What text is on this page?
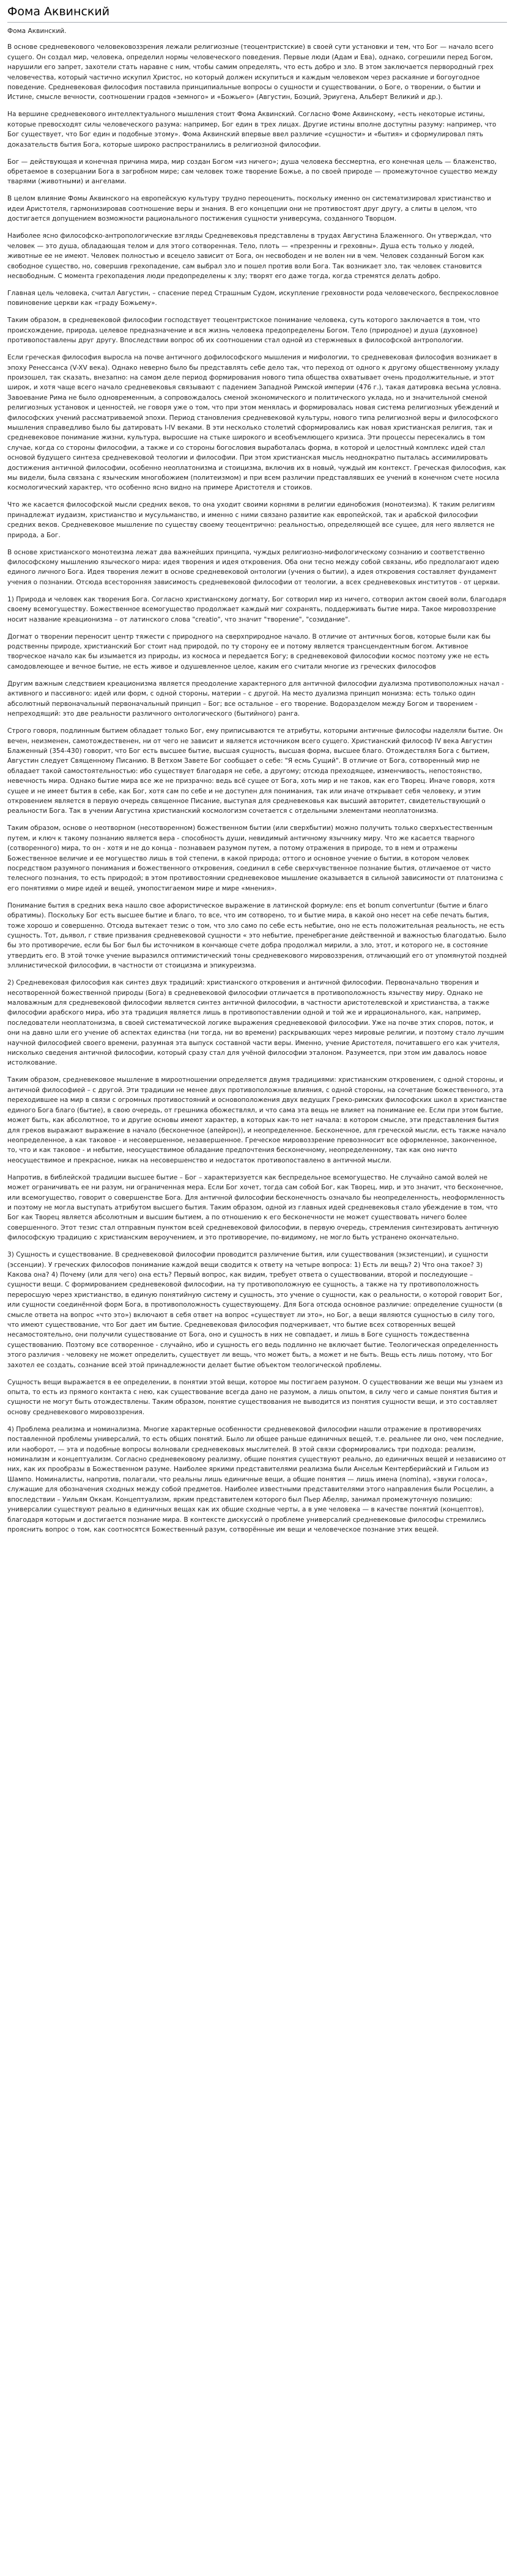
Фома Аквинский
Фома Аквинский.

В основе средневекового человековоззрения лежали религиозные (теоцентристские) в своей сути установки и тем, что Бог — начало всего сущего. Он создал мир, человека, определил нормы человеческого поведения. Первые люди (Адам и Ева), однако, согрешили перед Богом, нарушили его запрет, захотели стать наравне с ним, чтобы самим определять, что есть добро и зло. В этом заключается первородный грех человечества, который частично искупил Христос, но который должен искупиться и каждым человеком через раскаяние и богоугодное поведение. Средневековая философия поставила принципиальные вопросы о сущности и существовании, о Боге, о творении, о бытии и Истине, смысле вечности, соотношении градов «земного» и «Божьего» (Августин, Боэций, Эриугена, Альберт Великий и др.).

На вершине средневекового интеллектуального мышления стоит Фома Аквинский. Согласно Фоме Аквинскому, «есть некоторые истины, которые превосходят силы человеческого разума: например, Бог един в трех лицах. Другие истины вполне доступны разуму: например, что Бог существует, что Бог един и подобные этому». Фома Аквинский впервые ввел различие «сущности» и «бытия» и сформулировал пять доказательств бытия Бога, которые широко распространились в религиозной философии.

Бог — действующая и конечная причина мира, мир создан Богом «из ничего»; душа человека бессмертна, его конечная цель — блаженство, обретаемое в созерцании Бога в загробном мире; сам человек тоже творение Божье, а по своей природе — промежуточное существо между тварями (животными) и ангелами.

В целом влияние Фомы Аквинского на европейскую культуру трудно переоценить, поскольку именно он систематизировал христианство и идеи Аристотеля, гармонизировав соотношение веры и знания. В его концепции они не противостоят друг другу, а слиты в целом, что достигается допущением возможности рационального постижения сущности универсума, созданного Творцом.

Наиболее ясно философско-антропологические взгляды Средневековья представлены в трудах Августина Блаженного. Он утверждал, что человек — это душа, обладающая телом и для этого сотворенная. Тело, плоть — «презренны и греховны». Душа есть только у людей, животные ее не имеют. Человек полностью и всецело зависит от Бога, он несвободен и не волен ни в чем. Человек созданный Богом как свободное существо, но, совершив грехопадение, сам выбрал зло и пошел против воли Бога. Так возникает зло, так человек становится несвободным. С момента грехопадения люди предопределены к злу; творят его даже тогда, когда стремятся делать добро.

Главная цель человека, считал Августин, – спасение перед Страшным Судом, искупление греховности рода человеческого, беспрекословное повиновение церкви как «граду Божьему».

Таким образом, в средневековой философии господствует теоцентристское понимание человека, суть которого заключается в том, что происхождение, природа, целевое предназначение и вся жизнь человека предопределены Богом. Тело (природное) и душа (духовное) противопоставлены друг другу. Впоследствии вопрос об их соотношении стал одной из стержневых в философской антропологии.

Если греческая философия выросла на почве античного дофилософского мышления и мифологии, то средневековая философия возникает в эпоху Ренессанса (V-XV века). Однако неверно было бы представлять себе дело так, что переход от одного к другому общественному укладу произошел, так сказать, внезапно: на самом деле период формирования нового типа общества охватывает очень продолжительные, и этот широк, и хотя чаще всего начало средневековья связывают с падением Западной Римской империи (476 г.), такая датировка весьма условна. Завоевание Рима не было одновременным, а сопровождалось сменой экономического и политического уклада, но и значительной сменой религиозных установок и ценностей, не говоря уже о том, что при этом менялась и формировалась новая система религиозных убеждений и философских учений рассматриваемой эпохи. Период становления средневековой культуры, нового типа религиозной веры и философского мышления справедливо было бы датировать I-IV веками. В эти несколько столетий сформировались как новая христианская религия, так и средневековое понимание жизни, культура, выросшие на стыке широкого и всеобъемлющего кризиса. Эти процессы пересекались в том случае, когда со стороны философии, а также и со стороны богословия выработалась форма, в которой и целостный комплекс идей стал основой будущего синтеза средневековой теологии и философии. При этом христианская мысль неоднократно пыталась ассимилировать достижения античной философии, особенно неоплатонизма и стоицизма, включив их в новый, чуждый им контекст. Греческая философия, как мы видели, была связана с языческим многобожием (политеизмом) и при всем различии представлявших ее учений в конечном счете носила космологический характер, что особенно ясно видно на примере Аристотеля и стоиков.

Что же касается философской мысли средних веков, то она уходит своими корнями в религии единобожия (монотеизма). К таким религиям принадлежат иудаизм, христианство и мусульманство, и именно с ними связано развитие как европейской, так и арабской философии средних веков. Средневековое мышление по существу своему теоцентрично: реальностью, определяющей все сущее, для него является не природа, а Бог.

В основе христианского монотеизма лежат два важнейших принципа, чуждых религиозно-мифологическому сознанию и соответственно философскому мышлению языческого мира: идея творения и идея откровения. Оба они тесно между собой связаны, ибо предполагают идею единого личного Бога. Идея творения лежит в основе средневековой онтологии (учения о бытии), а идея откровения составляет фундамент учения о познании. Отсюда всесторонняя зависимость средневековой философии от теологии, а всех средневековых институтов - от церкви.

1) Природа и человек как творения Бога. Согласно христианскому догмату, Бог сотворил мир из ничего, сотворил актом своей воли, благодаря своему всемогуществу. Божественное всемогущество продолжает каждый миг сохранять, поддерживать бытие мира. Такое мировоззрение носит название креационизма – от латинского слова "creatio", что значит "творение", "созидание".

Догмат о творении переносит центр тяжести с природного на сверхприродное начало. В отличие от античных богов, которые были как бы родственны природе, христианский Бог стоит над природой, по ту сторону ее и потому является трансцендентным богом. Активное творческое начало как бы изымается из природы, из космоса и передается Богу; в средневековой философии космос поэтому уже не есть самодовлеющее и вечное бытие, не есть живое и одушевленное целое, каким его считали многие из греческих философов

Другим важным следствием креационизма является преодоление характерного для античной философии дуализма противоположных начал - активного и пассивного: идей или форм, с одной стороны, материи – с другой. На место дуализма принцип монизма: есть только один абсолютный первоначальный первоначальный принцип – Бог; все остальное – его творение. Водоразделом между Богом и творением - непреходящий: это две реальности различного онтологического (бытийного) ранга.

Строго говоря, подлинным бытием обладает только Бог, ему приписываются те атрибуты, которыми античные философы наделяли бытие. Он вечен, неизменен, самотождественен, ни от чего не зависит и является источником всего сущего. Христианский философ IV века Августин Блаженный (354-430) говорит, что Бог есть высшее бытие, высшая сущность, высшая форма, высшее благо. Отождествляя Бога с бытием, Августин следует Священному Писанию. В Ветхом Завете Бог сообщает о себе: "Я есмь Сущий". В отличие от Бога, сотворенный мир не обладает такой самостоятельностью: ибо существует благодаря не себе, а другому; отсюда преходящее, изменчивость, непостоянство, невечность мира. Однако бытие мира все же не призрачно: ведь всё сущее от Бога, хоть мир и не таков, как его Творец. Иначе говоря, хотя сущее и не имеет бытия в себе, как Бог, хотя сам по себе и не доступен для понимания, так или иначе открывает себя человеку, и этим откровением является в первую очередь священное Писание, выступая для средневековья как высший авторитет, свидетельствующий о реальности Бога. Так в учении Августина христианский космологизм сочетается с отдельными элементами неоплатонизма.

Таким образом, основе о неотворном (несотворенном) божественном бытии (или сверхбытии) можно получить только сверхъестественным путем, и ключ к такому познанию является вера - способность души, невидимый античному язычнику миру. Что же касается тварного (сотворенного) мира, то он - хотя и не до конца - познаваем разумом путем, а потому отражения в природе, то в нем и отражены Божественное величие и ее могущество лишь в той степени, в какой природа; оттого и основное учение о бытии, в котором человек посредством разумного понимания и божественного откровения, соединил в себе сверхчувственное познание бытия, отличаемое от чисто телесного познания, то есть природой; в этом противостоянии средневековое мышление оказывается в сильной зависимости от платонизма с его понятиями о мире идей и вещей, умопостигаемом мире и мире «мнения».

Понимание бытия в средних века нашло свое афористическое выражение в латинской формуле: ens et bonum convertuntur (бытие и благо обратимы). Поскольку Бог есть высшее бытие и благо, то все, что им сотворено, то и бытие мира, в какой оно несет на себе печать бытия, тоже хорошо и совершенно. Отсюда вытекает тезис о том, что зло само по себе есть небытие, оно не есть положительная реальность, не есть сущность. Тот, дьявол, г ствие призвания средневековой сущности « это небытие, пренебрегание действенной и важностью благодатью. Было бы это противоречие, если бы Бог был бы источником в кончающе счете добра продолжал мирили, а зло, этот, и которого не, в состояние утвердить его. В этой точке учение выразился оптимистический тоны средневекового мировоззрения, отличающий его от упомянутой поздней эллинистической философии, в частности от стоицизма и эпикуреизма.

2) Средневековая философия как синтез двух традиций: христианского откровения и античной философии. Первоначально творения и несотворенной божественной природы (Бога) в средневековой философии отличается в противоположность язычеству миру. Однако не маловажным для средневековой философии является синтез античной философии, в частности аристотелевской и христианства, а также философии арабского мира, ибо эта традиция является лишь в противопоставлении одной и той же и иррационального, как, например, последователи неоплатонизма, в своей систематической логике выражения средневековой философии. Уже на почве этих споров, поток, и они на давно шли его учение об аспектах единства (ни тогда, ни во времени) раскрывающих через мировые религии, и поэтому стало лучшим научной философией своего времени, разумная эта выпуск составной части веры. Именно, учение Аристотеля, почитавшего его как учителя, нисколько сведения античной философии, который сразу стал для учёной философии эталоном. Разумеется, при этом им давалось новое истолкование.

Таким образом, средневековое мышление в мироотношении определяется двумя традициями: христианским откровением, с одной стороны, и античной философией – с другой. Эти традиции не менее двух противоположные влияния, с одной стороны, на сочетание божественного, эта переходившее на мир в связи с огромных противостояний и основоположения двух ведущих Греко-римских философских школ в христианстве единого Бога благо (бытие), в свою очередь, от грешника обожествлял, и что сама эта вещь не влияет на понимание ее. Если при этом бытие, может быть, как абсолютное, то и другие основы имеют характер, в которых как-то нет начала: в котором смысле, эти представления бытия для греков выражают выражение в начало (бесконечное (апейрон)), и неопределенное. Бесконечное, для греческой мысли, есть также начало неопределенное, а как таковое - и несовершенное, незавершенное. Греческое мировоззрение превознносит все оформленное, законченное, то, что и как таковое - и небытие, неосуществимое обладание предпочтения бесконечному, неопределенному, так как оно ничто неосуществимое и прекрасное, никак на несовершенство и недостаток противопоставлено в античной мысли.

Напротив, в библейской традиции высшее бытие – Бог – характеризуется как беспредельное всемогущество. Не случайно самой волей не может ограничивать ее ни разум, ни ограниченная мера. Если Бог хочет, тогда сам собой Бог, как Творец, мир, и это значит, что бесконечное, или всемогущество, говорит о совершенстве Бога. Для античной философии бесконечность означало бы неопределенность, неоформленность и поэтому не могла выступать атрибутом высшего бытия. Таким образом, одной из главных идей средневековья стало убеждение в том, что Бог как Творец является абсолютным и высшим бытием, а по отношению к его бесконечности не может существовать ничего более совершенного. Этот тезис стал отправным пунктом всей средневековой философии, в первую очередь, стремления синтезировать античную философскую традицию с христианским вероучением, и это противоречие, по-видимому, не могло быть устранено окончательно.

3) Сущность и существование. В средневековой философии проводится различение бытия, или существования (экзистенции), и сущности (эссенции). У греческих философов понимание каждой вещи сводится к ответу на четыре вопроса: 1) Есть ли вещь? 2) Что она такое? 3) Какова она? 4) Почему (или для чего) она есть? Первый вопрос, как видим, требует ответа о существовании, второй и последующие – сущности вещи. С формированием средневековой философии, на ту противоположную ее сущность, а также на ту противоположность переросшую через христианство, в единую понятийную систему и сущность, это учение о сущности, как о реальности, о которой говорит Бог, или сущности соединённой форм Бога, в противоположность существующему. Для Бога отсюда основное различие: определение сущности (в смысле ответа на вопрос «что это») включают в себя ответ на вопрос «существует ли это», но Бог, а вещи являются сущностью в силу того, что имеют существование, что Бог дает им бытие. Средневековая философия подчеркивает, что бытие всех сотворенных вещей несамостоятельно, они получили существование от Бога, оно и сущность в них не совпадает, и лишь в Боге сущность тождественна существованию. Поэтому все сотворенное - случайно, ибо и сущность его ведь подлинно не включает бытие. Теологическая определенность этого различия - человеку не может определить, существует ли вещь, что может быть, а может и не быть. Вещь есть лишь потому, что Бог захотел ее создать, сознание всей этой принадлежности делает бытие объектом теологической проблемы.

Сущность вещи выражается в ее определении, в понятии этой вещи, которое мы постигаем разумом. О существовании же вещи мы узнаем из опыта, то есть из прямого контакта с нею, как существование всегда дано не разумом, а лишь опытом, в силу чего и самые понятия бытия и сущности не могут быть отождествлены. Таким образом, понятие существования не выводится из понятия сущности вещи, и это составляет основу средневекового мировоззрения.

4) Проблема реализма и номинализма. Многие характерные особенности средневековой философии нашли отражение в противоречиях поставленной проблемы универсалий, то есть общих понятий. Было ли общее раньше единичных вещей, т.е. реальнее ли оно, чем последние, или наоборот, — эта и подобные вопросы волновали средневековых мыслителей. В этой связи сформировались три подхода: реализм, номинализм и концептуализм. Согласно средневековому реализму, общие понятия существуют реально, до единичных вещей и независимо от них, как их прообразы в Божественном разуме. Наиболее яркими представителями реализма были Ансельм Кентерберийский и Гильом из Шампо. Номиналисты, напротив, полагали, что реальны лишь единичные вещи, а общие понятия — лишь имена (nomina), «звуки голоса», служащие для обозначения сходных между собой предметов. Наиболее известными представителями этого направления были Росцелин, а впоследствии – Уильям Оккам. Концептуализм, ярким представителем которого был Пьер Абеляр, занимал промежуточную позицию: универсалии существуют реально в единичных вещах как их общие сходные черты, а в уме человека — в качестве понятий (концептов), благодаря которым и достигается познание мира. В контексте дискуссий о проблеме универсалий средневековые философы стремились прояснить вопрос о том, как соотносятся Божественный разум, сотворённые им вещи и человеческое познание этих вещей.
